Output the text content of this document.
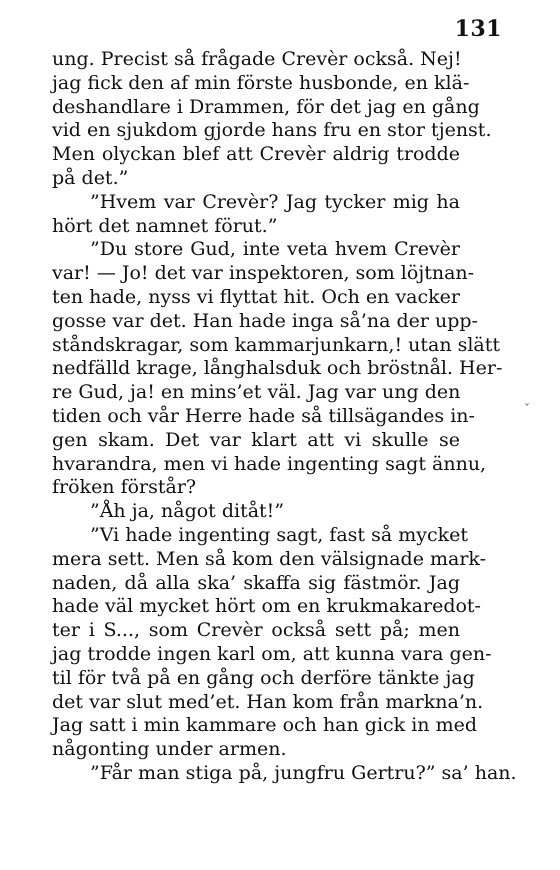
131
ˇ
ung. Precist så frågade Crevèr också. Nej!
jag fick den af min förste husbonde, en klä-
deshandlare i Drammen, för det jag en gång
vid en sjukdom gjorde hans fru en stor tjenst.
Men olyckan blef att Crevèr aldrig trodde
på det.”
”Hvem var Crevèr? Jag tycker mig ha
hört det namnet förut.”
”Du store Gud, inte veta hvem Crevèr
var! — Jo! det var inspektoren, som löjtnan-
ten hade, nyss vi flyttat hit. Och en vacker
gosse var det. Han hade inga så’na der upp-
ståndskragar, som kammarjunkarn,! utan slätt
nedfälld krage, långhalsduk och bröstnål. Her-
re Gud, ja! en mins’et väl. Jag var ung den
tiden och vår Herre hade så tillsägandes in-
gen skam. Det var klart att vi skulle se
hvarandra, men vi hade ingenting sagt ännu,
fröken förstår?
”Åh ja, något ditåt!”
”Vi hade ingenting sagt, fast så mycket
mera sett. Men så kom den välsignade mark-
naden, då alla ska’ skaffa sig fästmör. Jag
hade väl mycket hört om en krukmakaredot-
ter i S..., som Crevèr också sett på; men
jag trodde ingen karl om, att kunna vara gen-
til för två på en gång och derföre tänkte jag
det var slut med’et. Han kom från markna’n.
Jag satt i min kammare och han gick in med
någonting under armen.
”Får man stiga på, jungfru Gertru?” sa’ han.
